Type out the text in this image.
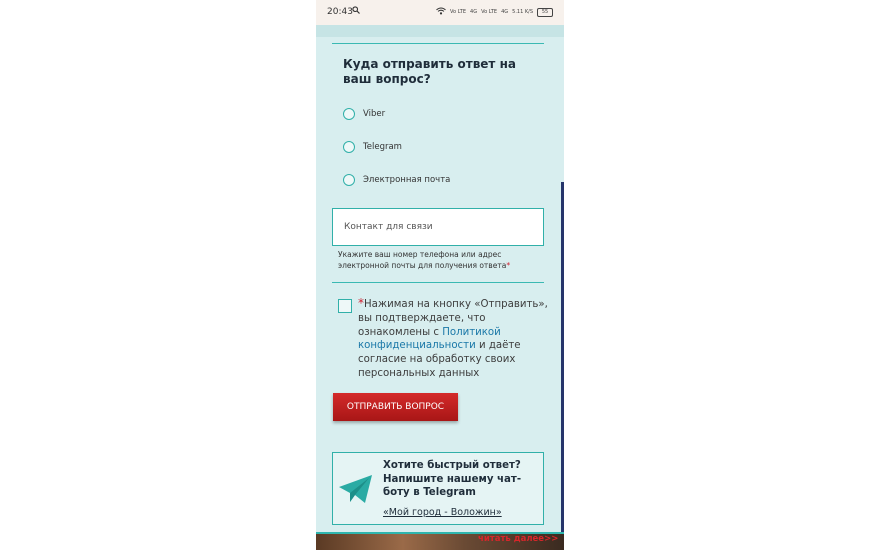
20:43	Vo LTE 4G Vo LTE 4G 5.11 K/S	55
Куда отправить ответ на ваш вопрос?
Viber
Telegram
Электронная почта
Контакт для связи
Укажите ваш номер телефона или адрес электронной почты для получения ответа*
*Нажимая на кнопку «Отправить», вы подтверждаете, что ознакомлены с Политикой конфиденциальности и даёте согласие на обработку своих персональных данных
ОТПРАВИТЬ ВОПРОС
Хотите быстрый ответ? Напишите нашему чат-боту в Telegram
«Мой город - Воложин»
читать далее>>
